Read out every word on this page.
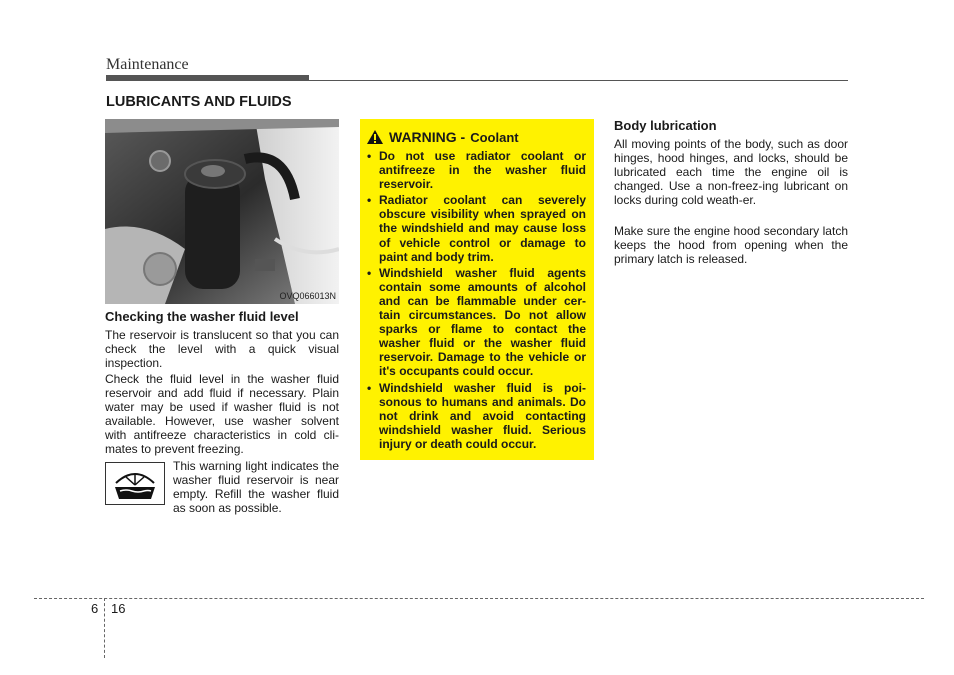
Maintenance
LUBRICANTS AND FLUIDS
OVQ066013N
Checking the washer fluid level
The reservoir is translucent so that you can check the level with a quick visual inspection.
Check the fluid level in the washer fluid reservoir and add fluid if necessary. Plain water may be used if washer fluid is not available. However, use washer solvent with antifreeze characteristics in cold cli-mates to prevent freezing.
This warning light indicates the washer fluid reservoir is near empty. Refill the washer fluid as soon as possible.
WARNING - Coolant
• Do not use radiator coolant or antifreeze in the washer fluid reservoir.
• Radiator coolant can severely obscure visibility when sprayed on the windshield and may cause loss of vehicle control or damage to paint and body trim.
• Windshield washer fluid agents contain some amounts of alcohol and can be flammable under cer-tain circumstances. Do not allow sparks or flame to contact the washer fluid or the washer fluid reservoir. Damage to the vehicle or it's occupants could occur.
• Windshield washer fluid is poi-sonous to humans and animals. Do not drink and avoid contacting windshield washer fluid. Serious injury or death could occur.
Body lubrication
All moving points of the body, such as door hinges, hood hinges, and locks, should be lubricated each time the engine oil is changed. Use a non-freez-ing lubricant on locks during cold weath-er.
Make sure the engine hood secondary latch keeps the hood from opening when the primary latch is released.
6 16
